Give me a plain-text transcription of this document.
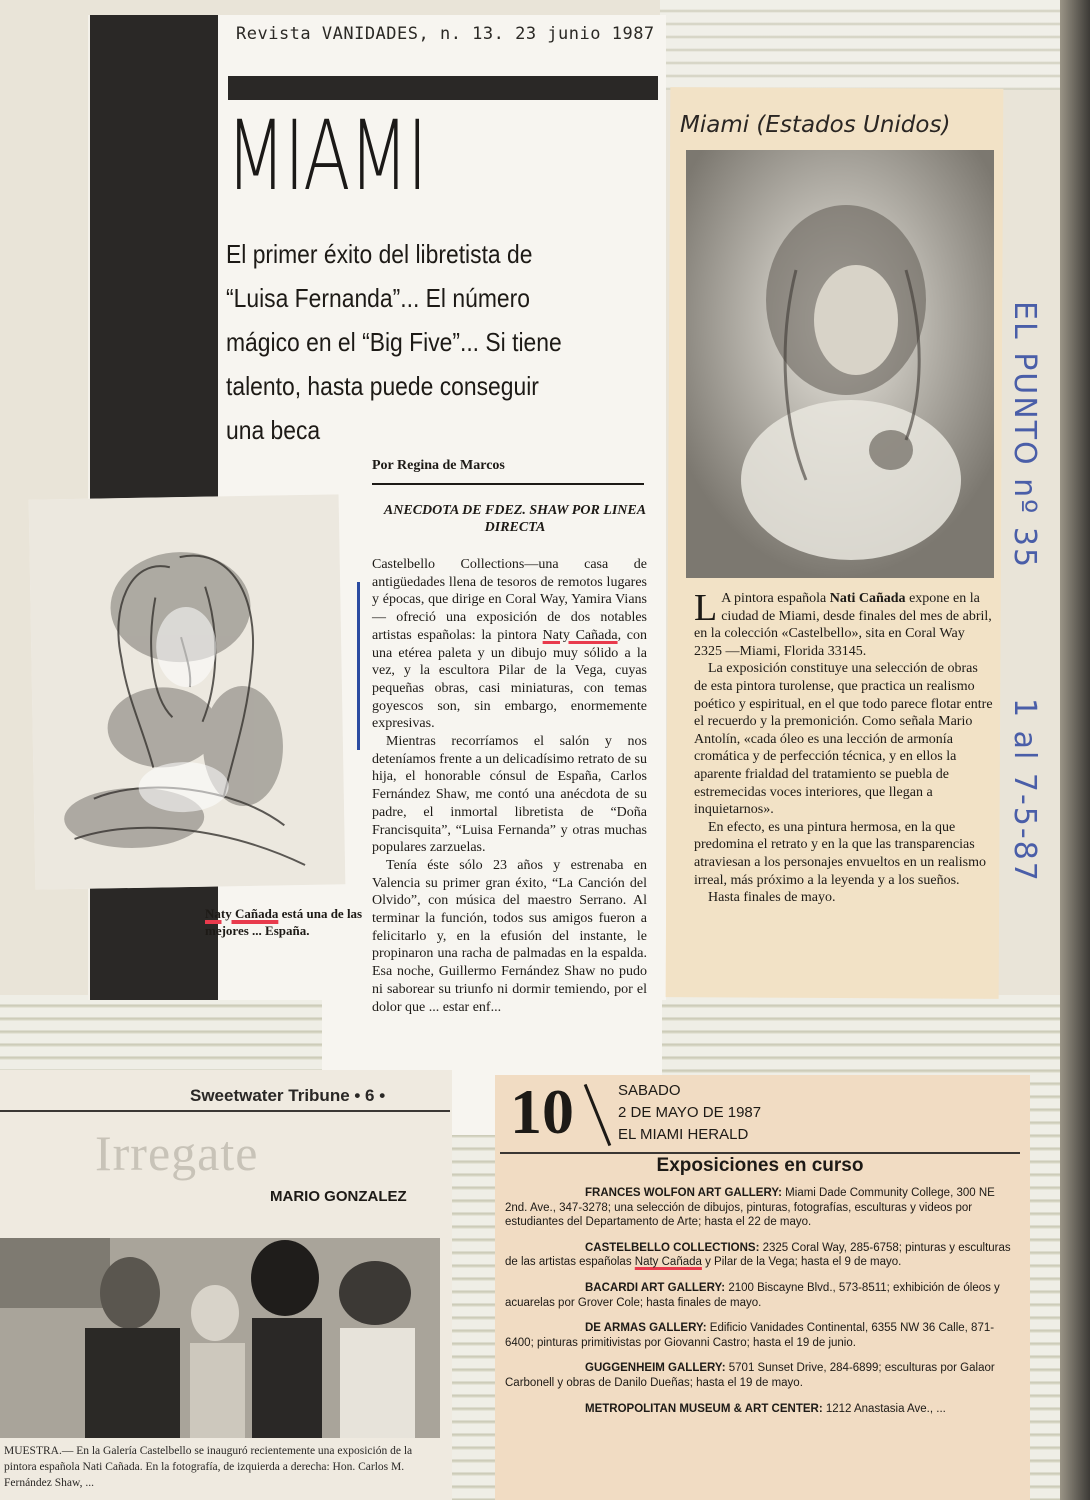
Revista VANIDADES, n. 13. 23 junio 1987
MIAMI
El primer éxito del libretista de “Luisa Fernanda”... El número mágico en el “Big Five”... Si tiene talento, hasta puede conseguir una beca
Por Regina de Marcos
ANECDOTA DE FDEZ. SHAW POR LINEA DIRECTA
Naty Cañada está una de las mejores ... España.

Castelbello Collections—una casa de antigüedades llena de tesoros de remotos lugares y épocas, que dirige en Coral Way, Yamira Vians— ofreció una exposición de dos notables artistas españolas: la pintora Naty Cañada, con una etérea paleta y un dibujo muy sólido a la vez, y la escultora Pilar de la Vega, cuyas pequeñas obras, casi miniaturas, con temas goyescos son, sin embargo, enormemente expresivas.

Mientras recorríamos el salón y nos deteníamos frente a un delicadísimo retrato de su hija, el honorable cónsul de España, Carlos Fernández Shaw, me contó una anécdota de su padre, el inmortal libretista de “Doña Francisquita”, “Luisa Fernanda” y otras muchas populares zarzuelas.

Tenía éste sólo 23 años y estrenaba en Valencia su primer gran éxito, “La Canción del Olvido”, con música del maestro Serrano. Al terminar la función, todos sus amigos fueron a felicitarlo y, en la efusión del instante, le propinaron una racha de palmadas en la espalda. Esa noche, Guillermo Fernández Shaw no pudo ni saborear su triunfo ni dormir temiendo, por el dolor que ... estar enf...

Miami (Estados Unidos)

L A pintora española Nati Cañada expone en la ciudad de Miami, desde finales del mes de abril, en la colección «Castelbello», sita en Coral Way 2325 —Miami, Florida 33145.

La exposición constituye una selección de obras de esta pintora turolense, que practica un realismo poético y espiritual, en el que todo parece flotar entre el recuerdo y la premonición. Como señala Mario Antolín, «cada óleo es una lección de armonía cromática y de perfección técnica, y en ellos la aparente frialdad del tratamiento se puebla de estremecidas voces interiores, que llegan a inquietarnos».

En efecto, es una pintura hermosa, en la que predomina el retrato y en la que las transparencias atraviesan a los personajes envueltos en un realismo irreal, más próximo a la leyenda y a los sueños.

Hasta finales de mayo.

EL PUNTO nº 35
1 al 7-5-87
Sweetwater Tribune • 6 •
Irregate
MARIO GONZALEZ
MUESTRA.— En la Galería Castelbello se inauguró recientemente una exposición de la pintora española Nati Cañada. En la fotografía, de izquierda a derecha: Hon. Carlos M. Fernández Shaw, ...
10	SABADO
2 DE MAYO DE 1987
EL MIAMI HERALD
Exposiciones en curso

FRANCES WOLFON ART GALLERY: Miami Dade Community College, 300 NE 2nd. Ave., 347-3278; una selección de dibujos, pinturas, fotografías, esculturas y videos por estudiantes del Departamento de Arte; hasta el 22 de mayo.

CASTELBELLO COLLECTIONS: 2325 Coral Way, 285-6758; pinturas y esculturas de las artistas españolas Naty Cañada y Pilar de la Vega; hasta el 9 de mayo.

BACARDI ART GALLERY: 2100 Biscayne Blvd., 573-8511; exhibición de óleos y acuarelas por Grover Cole; hasta finales de mayo.

DE ARMAS GALLERY: Edificio Vanidades Continental, 6355 NW 36 Calle, 871-6400; pinturas primitivistas por Giovanni Castro; hasta el 19 de junio.

GUGGENHEIM GALLERY: 5701 Sunset Drive, 284-6899; esculturas por Galaor Carbonell y obras de Danilo Dueñas; hasta el 19 de mayo.

METROPOLITAN MUSEUM & ART CENTER: 1212 Anastasia Ave., ...
